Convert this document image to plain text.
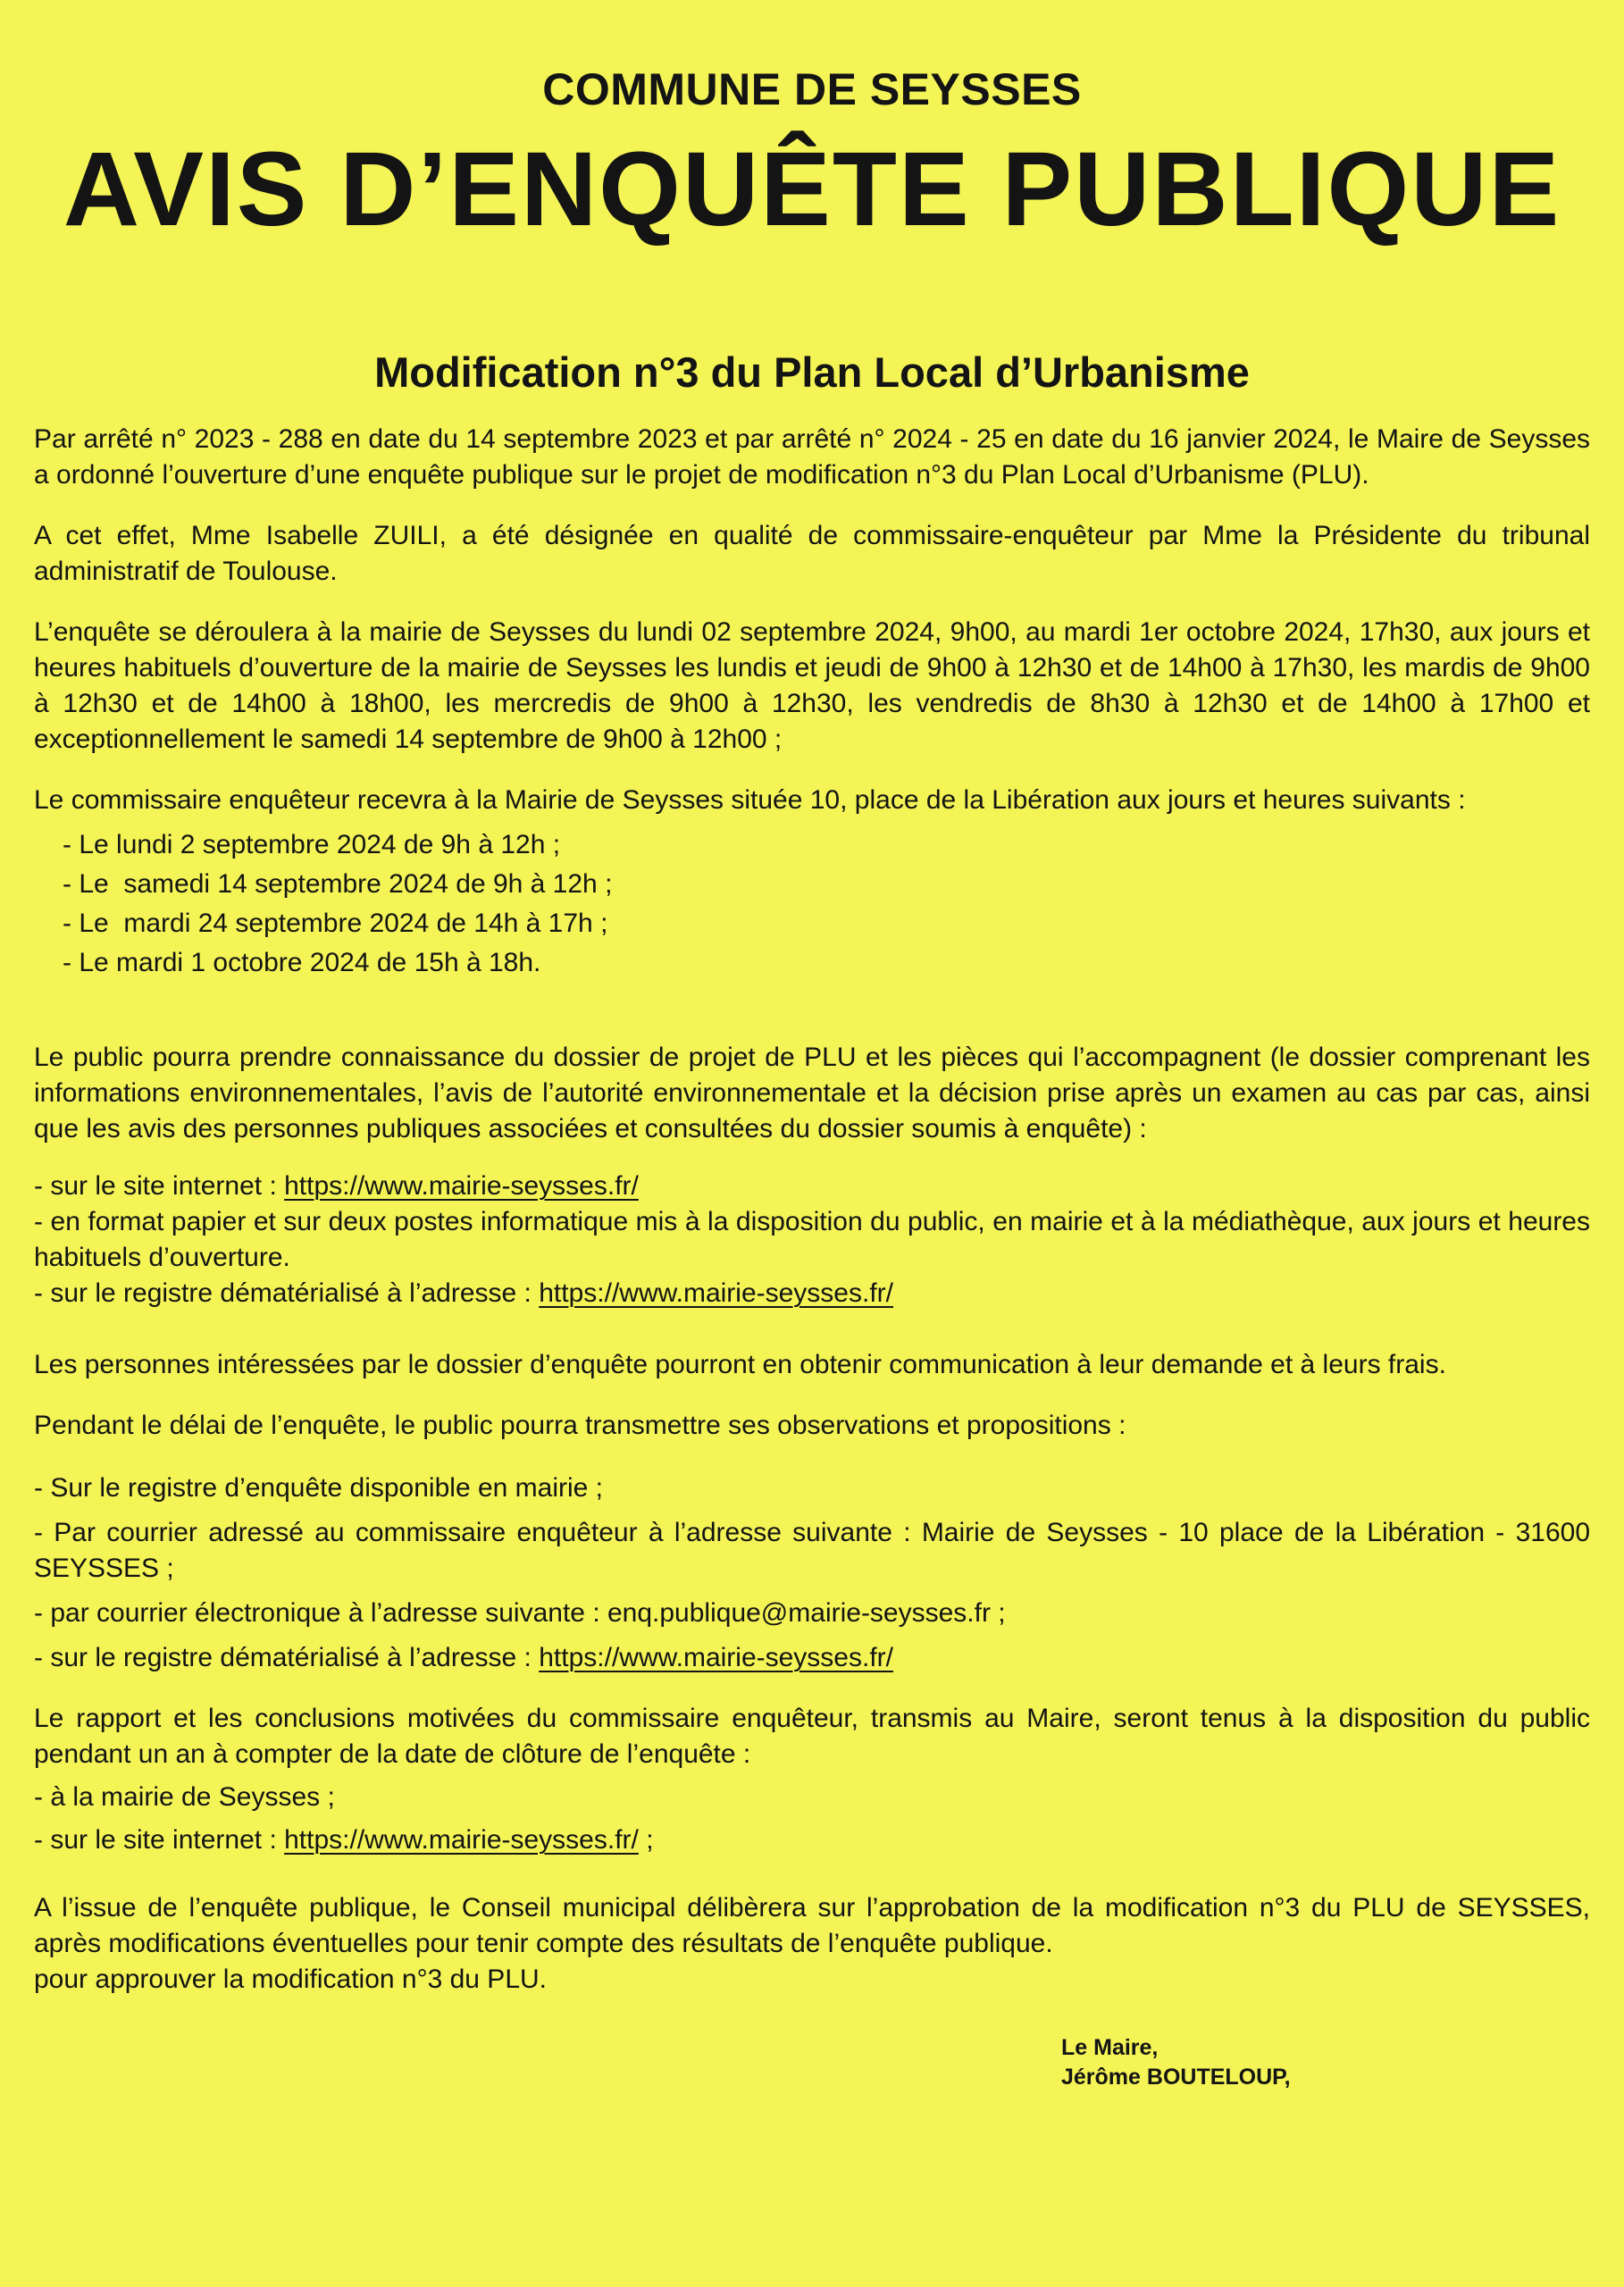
COMMUNE DE SEYSSES
AVIS D’ENQUÊTE PUBLIQUE
Modification n°3 du Plan Local d’Urbanisme

Par arrêté n° 2023 - 288 en date du 14 septembre 2023 et par arrêté n° 2024 - 25 en date du 16 janvier 2024, le Maire de Seysses a ordonné l’ouverture d’une enquête publique sur le projet de modification n°3 du Plan Local d’Urbanisme (PLU).

A cet effet, Mme Isabelle ZUILI, a été désignée en qualité de commissaire-enquêteur par Mme la Présidente du tribunal administratif de Toulouse.

L’enquête se déroulera à la mairie de Seysses du lundi 02 septembre 2024, 9h00, au mardi 1er octobre 2024, 17h30, aux jours et heures habituels d’ouverture de la mairie de Seysses les lundis et jeudi de 9h00 à 12h30 et de 14h00 à 17h30, les mardis de 9h00 à 12h30 et de 14h00 à 18h00, les mercredis de 9h00 à 12h30, les vendredis de 8h30 à 12h30 et de 14h00 à 17h00 et exceptionnellement le samedi 14 septembre de 9h00 à 12h00 ;

Le commissaire enquêteur recevra à la Mairie de Seysses située 10, place de la Libération aux jours et heures suivants :

- Le lundi 2 septembre 2024 de 9h à 12h ;
- Le  samedi 14 septembre 2024 de 9h à 12h ;
- Le  mardi 24 septembre 2024 de 14h à 17h ;
- Le mardi 1 octobre 2024 de 15h à 18h.

Le public pourra prendre connaissance du dossier de projet de PLU et les pièces qui l’accompagnent (le dossier comprenant les informations environnementales, l’avis de l’autorité environnementale et la décision prise après un examen au cas par cas, ainsi que les avis des personnes publiques associées et consultées du dossier soumis à enquête) :

- sur le site internet : https://www.mairie-seysses.fr/
- en format papier et sur deux postes informatique mis à la disposition du public, en mairie et à la médiathèque, aux jours et heures habituels d’ouverture.
- sur le registre dématérialisé à l’adresse : https://www.mairie-seysses.fr/

Les personnes intéressées par le dossier d’enquête pourront en obtenir communication à leur demande et à leurs frais.

Pendant le délai de l’enquête, le public pourra transmettre ses observations et propositions :

- Sur le registre d’enquête disponible en mairie ;
- Par courrier adressé au commissaire enquêteur à l’adresse suivante : Mairie de Seysses - 10 place de la Libération - 31600 SEYSSES ;
- par courrier électronique à l’adresse suivante : enq.publique@mairie-seysses.fr ;
- sur le registre dématérialisé à l’adresse : https://www.mairie-seysses.fr/

Le rapport et les conclusions motivées du commissaire enquêteur, transmis au Maire, seront tenus à la disposition du public pendant un an à compter de la date de clôture de l’enquête :

- à la mairie de Seysses ;
- sur le site internet : https://www.mairie-seysses.fr/ ;

A l’issue de l’enquête publique, le Conseil municipal délibèrera sur l’approbation de la modification n°3 du PLU de SEYSSES, après modifications éventuelles pour tenir compte des résultats de l’enquête publique.

pour approuver la modification n°3 du PLU.

Le Maire,
Jérôme BOUTELOUP,
